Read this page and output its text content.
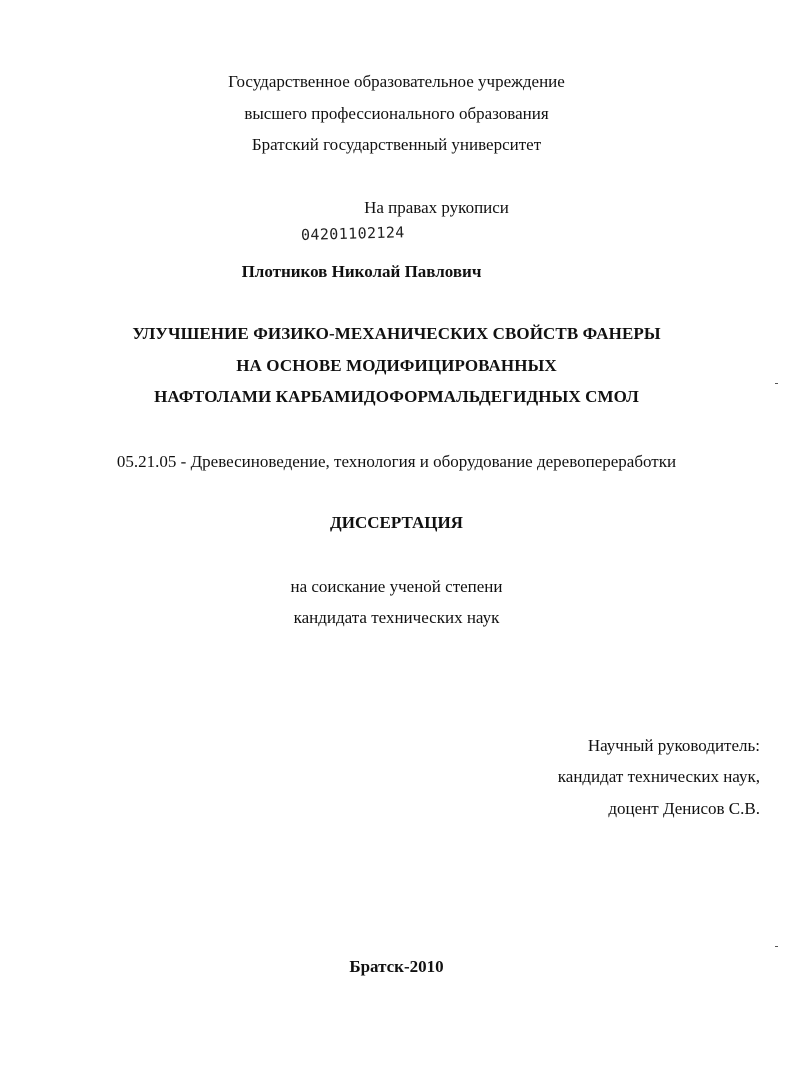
Государственное образовательное учреждение
высшего профессионального образования
Братский государственный университет
На правах рукописи
04201102124
Плотников Николай Павлович
УЛУЧШЕНИЕ ФИЗИКО-МЕХАНИЧЕСКИХ СВОЙСТВ ФАНЕРЫ
НА ОСНОВЕ МОДИФИЦИРОВАННЫХ
НАФТОЛАМИ КАРБАМИДОФОРМАЛЬДЕГИДНЫХ СМОЛ
05.21.05 - Древесиноведение, технология и оборудование деревопереработки
ДИССЕРТАЦИЯ
на соискание ученой степени
кандидата технических наук
Научный руководитель:
кандидат технических наук,
доцент Денисов С.В.
Братск-2010
